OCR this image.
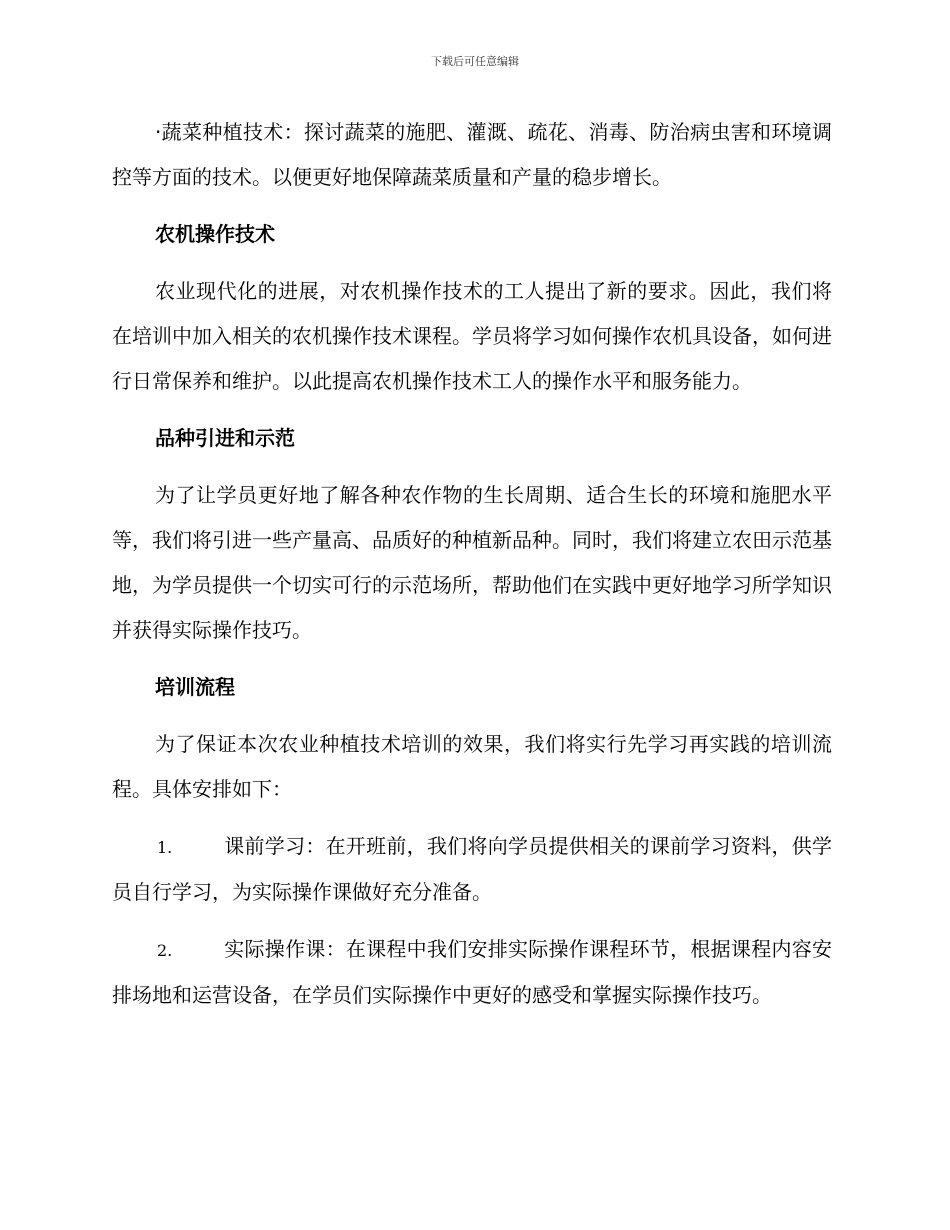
下载后可任意编辑

·蔬菜种植技术：探讨蔬菜的施肥、灌溉、疏花、消毒、防治病虫害和环境调控等方面的技术。以便更好地保障蔬菜质量和产量的稳步增长。

农机操作技术

农业现代化的进展，对农机操作技术的工人提出了新的要求。因此，我们将在培训中加入相关的农机操作技术课程。学员将学习如何操作农机具设备，如何进行日常保养和维护。以此提高农机操作技术工人的操作水平和服务能力。

品种引进和示范

为了让学员更好地了解各种农作物的生长周期、适合生长的环境和施肥水平等，我们将引进一些产量高、品质好的种植新品种。同时，我们将建立农田示范基地，为学员提供一个切实可行的示范场所，帮助他们在实践中更好地学习所学知识并获得实际操作技巧。

培训流程

为了保证本次农业种植技术培训的效果，我们将实行先学习再实践的培训流程。具体安排如下：

1.	课前学习：在开班前，我们将向学员提供相关的课前学习资料，供学员自行学习，为实际操作课做好充分准备。

2.	实际操作课：在课程中我们安排实际操作课程环节，根据课程内容安排场地和运营设备，在学员们实际操作中更好的感受和掌握实际操作技巧。
